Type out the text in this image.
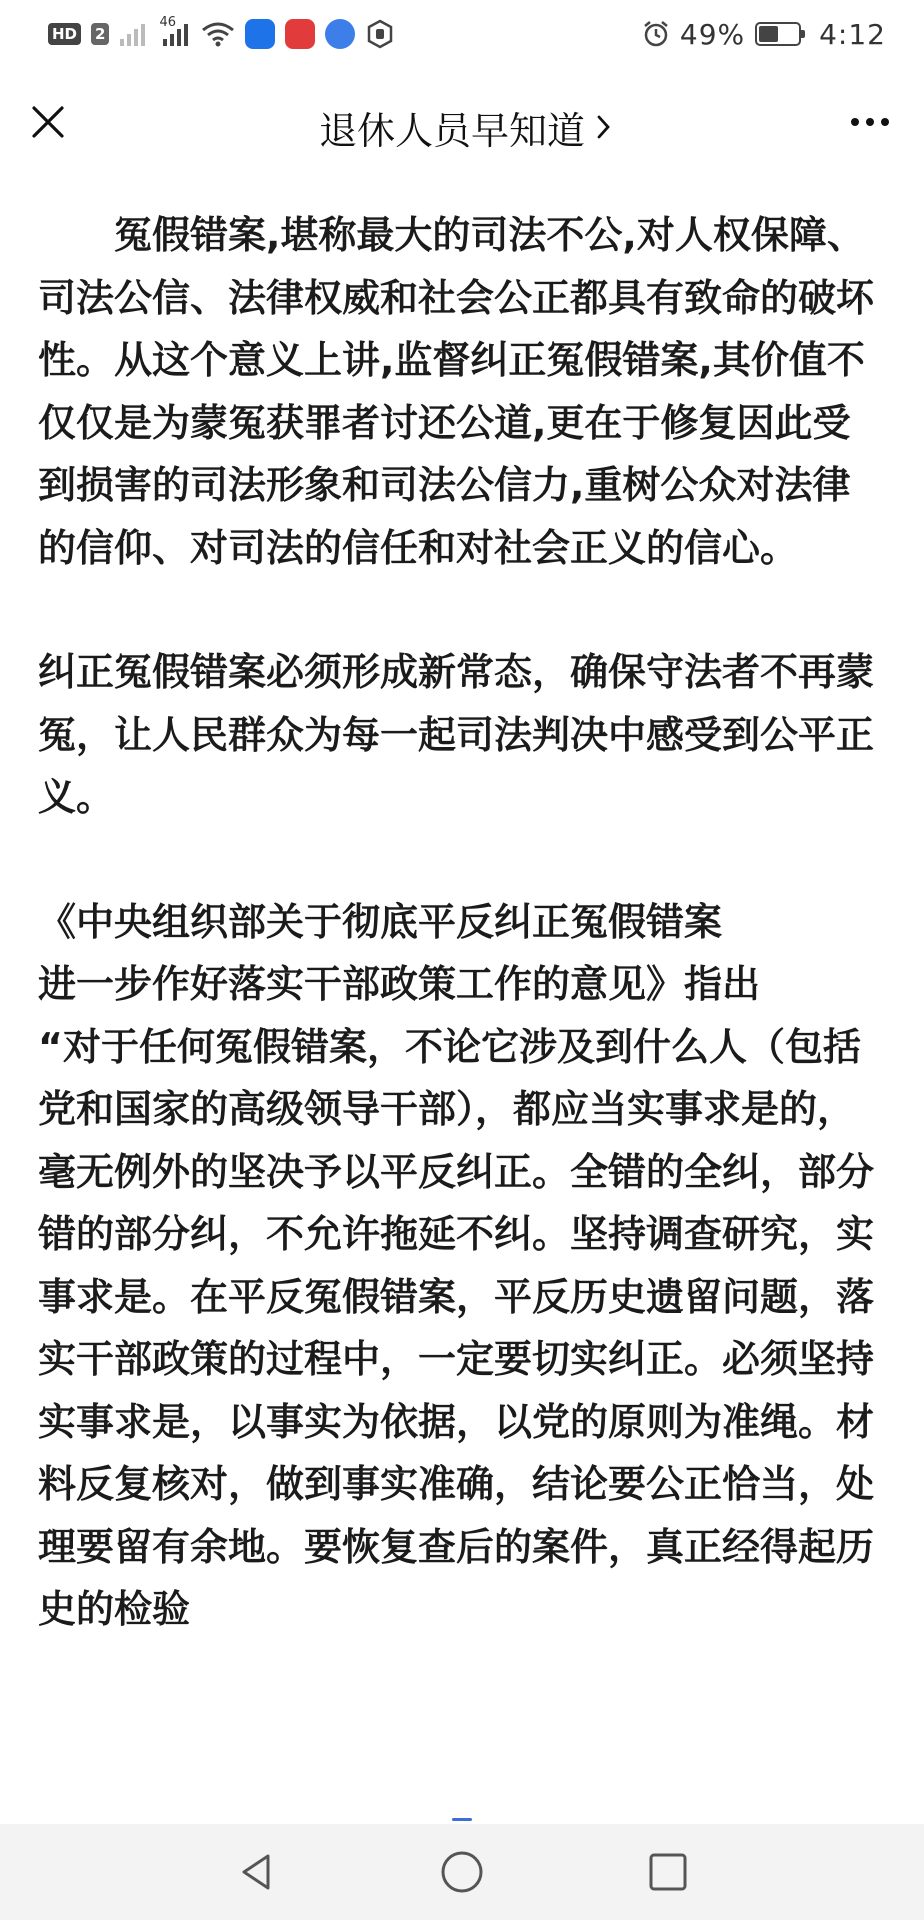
HD 2
46	49%	4:12
退休人员早知道

冤假错案,堪称最大的司法不公,对人权保障、司法公信、法律权威和社会公正都具有致命的破坏性。从这个意义上讲,监督纠正冤假错案,其价值不仅仅是为蒙冤获罪者讨还公道,更在于修复因此受到损害的司法形象和司法公信力,重树公众对法律的信仰、对司法的信任和对社会正义的信心。

纠正冤假错案必须形成新常态，确保守法者不再蒙冤，让人民群众为每一起司法判决中感受到公平正义。

《中央组织部关于彻底平反纠正冤假错案

进一步作好落实干部政策工作的意见》指出

“对于任何冤假错案，不论它涉及到什么人（包括党和国家的高级领导干部），都应当实事求是的，毫无例外的坚决予以平反纠正。全错的全纠，部分错的部分纠，不允许拖延不纠。坚持调查研究，实事求是。在平反冤假错案，平反历史遗留问题，落实干部政策的过程中，一定要切实纠正。必须坚持实事求是，以事实为依据，以党的原则为准绳。材料反复核对，做到事实准确，结论要公正恰当，处理要留有余地。要恢复查后的案件，真正经得起历史的检验
